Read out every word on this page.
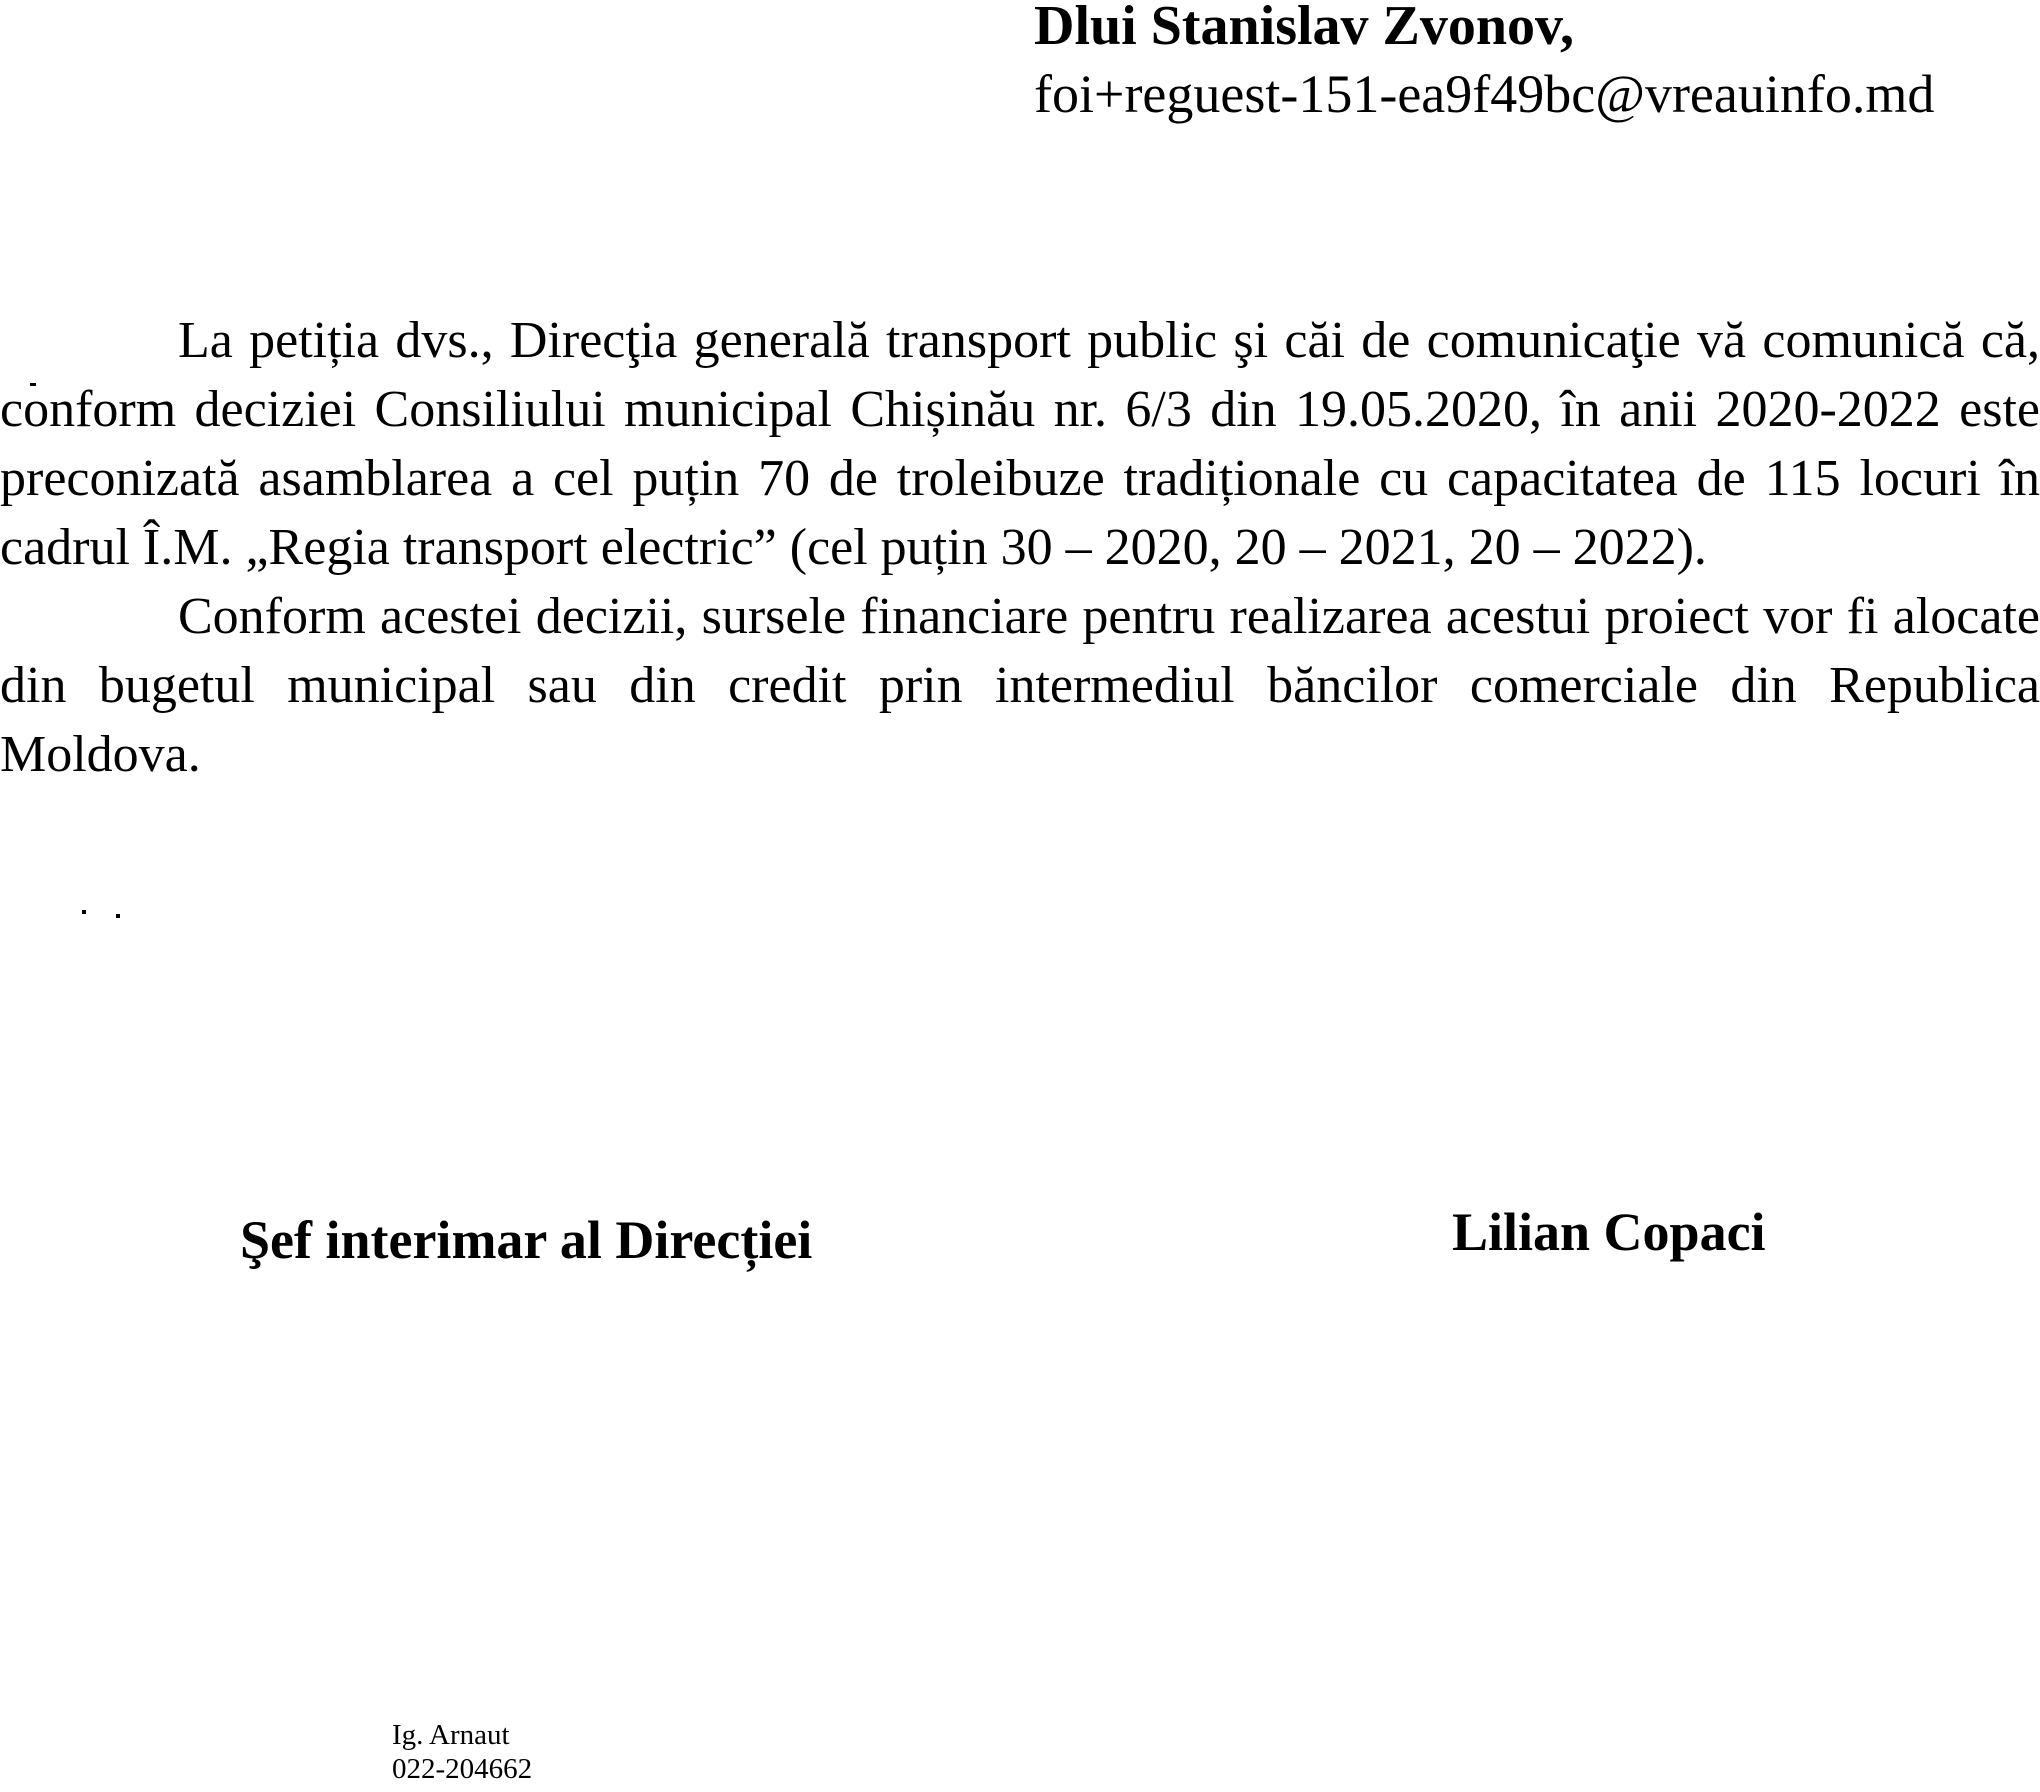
Dlui Stanislav Zvonov,
foi+reguest-151-ea9f49bc@vreauinfo.md

La petiția dvs., Direcţia generală transport public şi căi de comunicaţie vă comunică că, conform deciziei Consiliului municipal Chișinău nr. 6/3 din 19.05.2020, în anii 2020-2022 este preconizată asamblarea a cel puțin 70 de troleibuze tradiționale cu capacitatea de 115 locuri în cadrul Î.M. „Regia transport electric” (cel puțin 30 – 2020, 20 – 2021, 20 – 2022).

Conform acestei decizii, sursele financiare pentru realizarea acestui proiect vor fi alocate din bugetul municipal sau din credit prin intermediul băncilor comerciale din Republica Moldova.

Şef interimar al Direcției	Lilian Copaci
Ig. Arnaut
022-204662
